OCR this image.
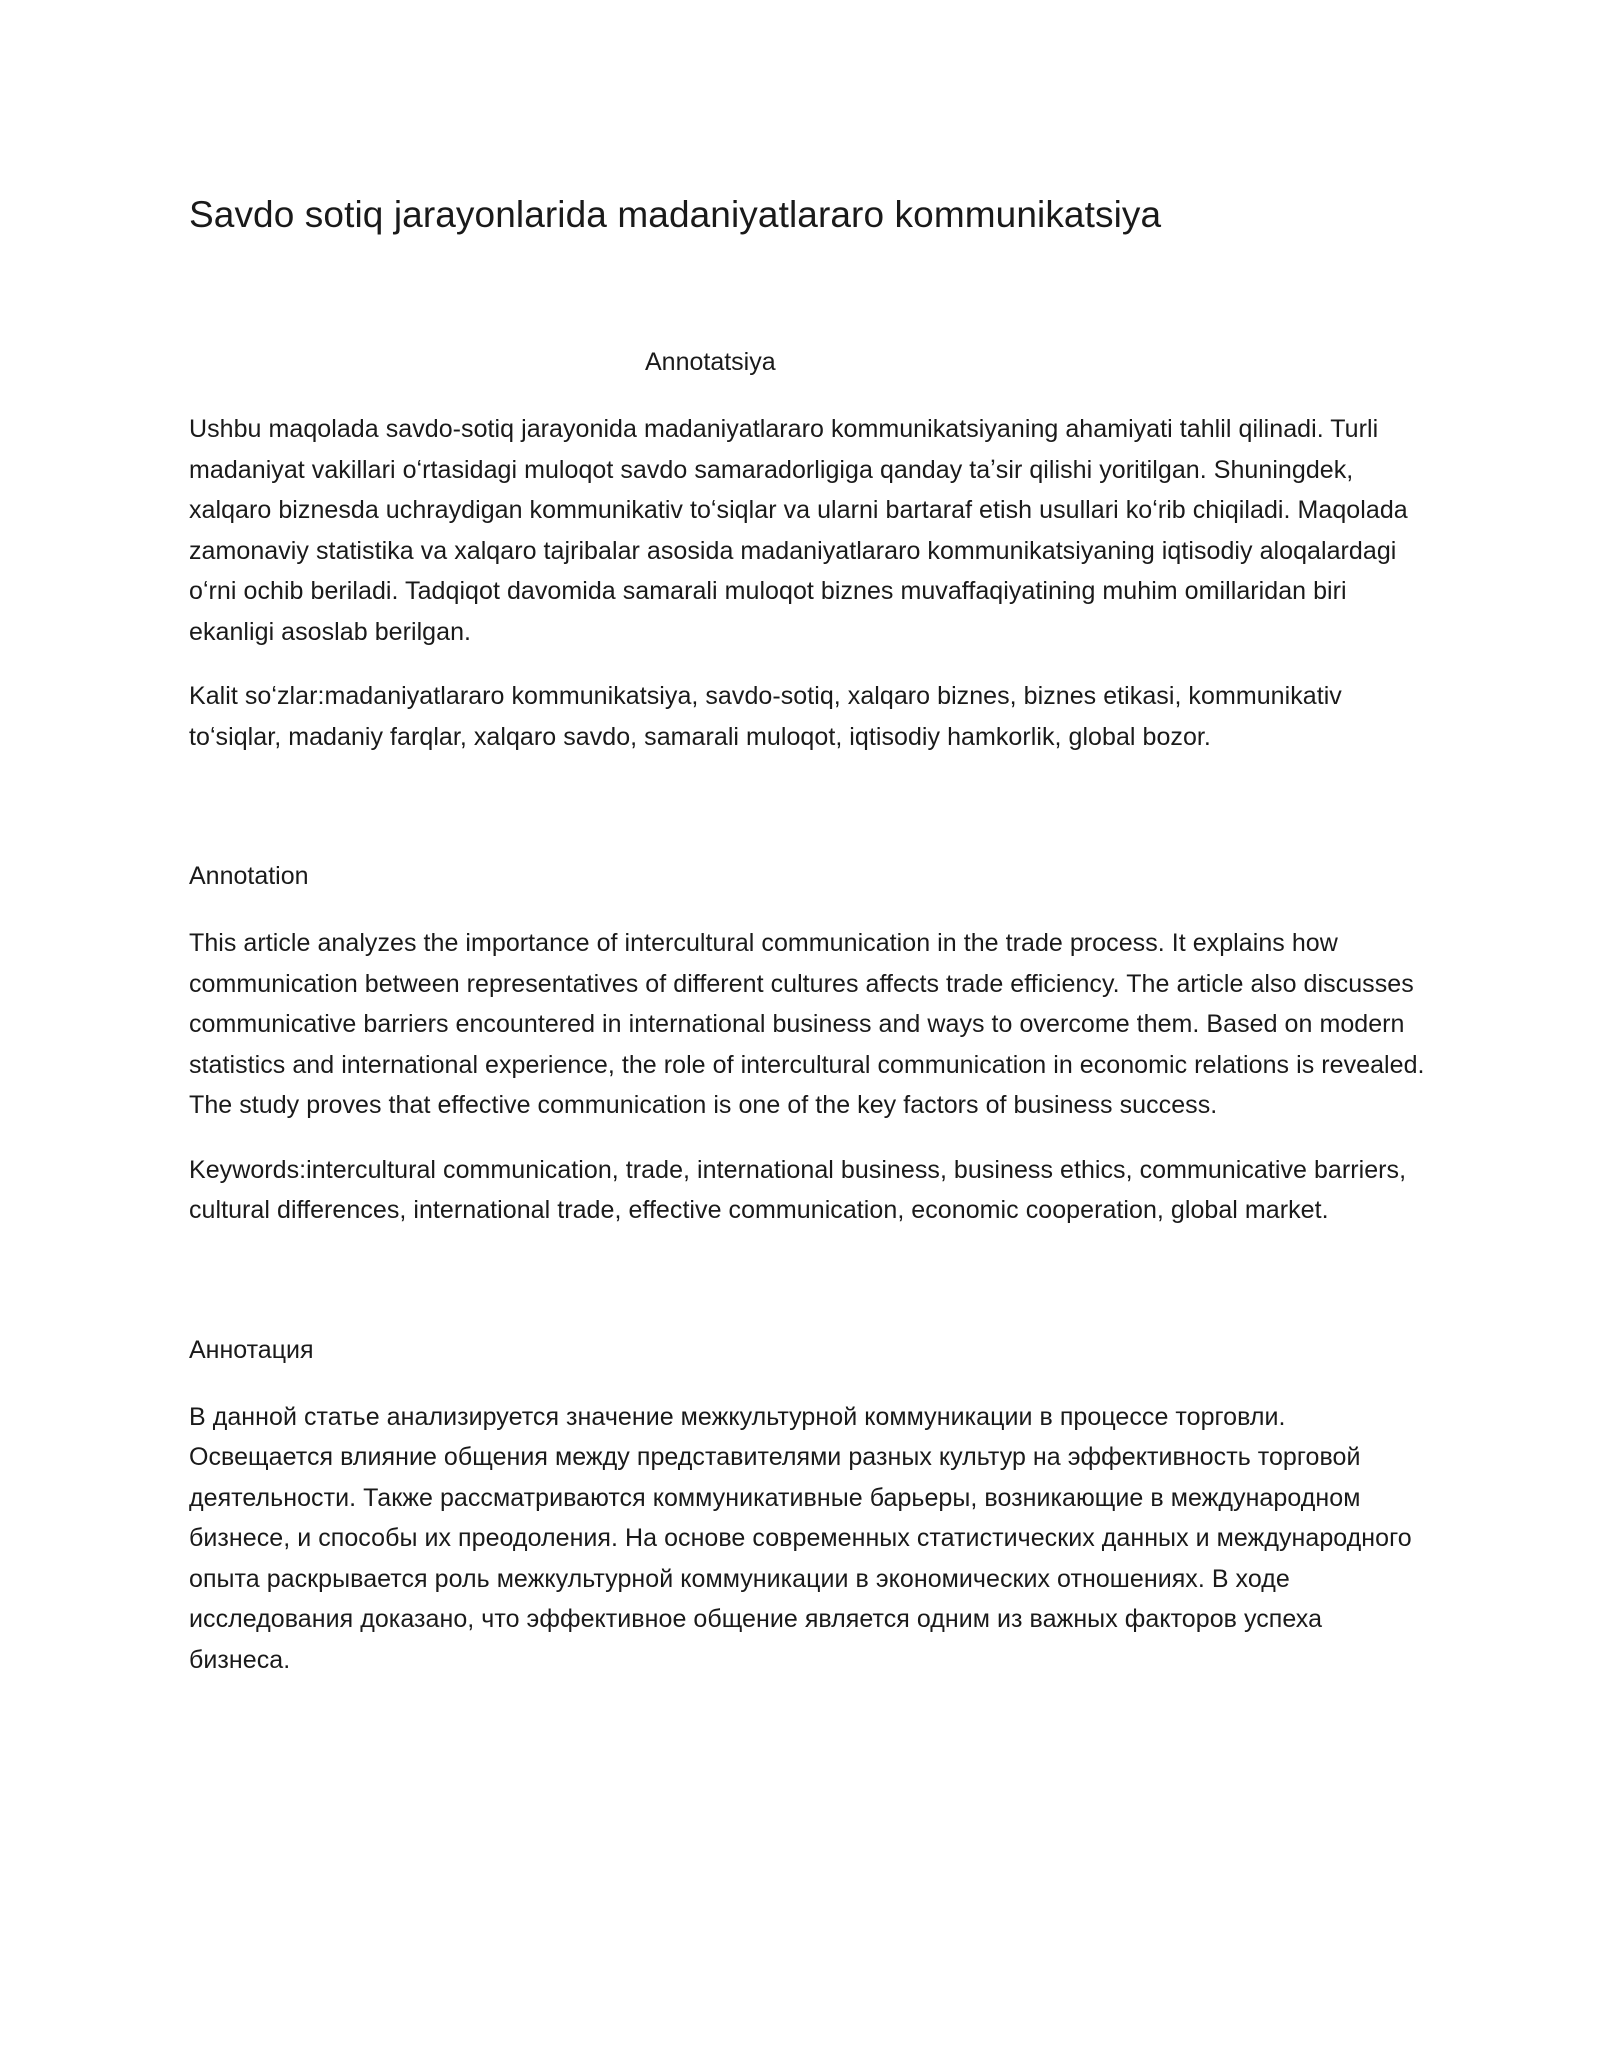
Savdo sotiq jarayonlarida madaniyatlararo kommunikatsiya

Annotatsiya

Ushbu maqolada savdo-sotiq jarayonida madaniyatlararo kommunikatsiyaning ahamiyati tahlil qilinadi. Turli madaniyat vakillari oʻrtasidagi muloqot savdo samaradorligiga qanday taʼsir qilishi yoritilgan. Shuningdek, xalqaro biznesda uchraydigan kommunikativ toʻsiqlar va ularni bartaraf etish usullari koʻrib chiqiladi. Maqolada zamonaviy statistika va xalqaro tajribalar asosida madaniyatlararo kommunikatsiyaning iqtisodiy aloqalardagi oʻrni ochib beriladi. Tadqiqot davomida samarali muloqot biznes muvaffaqiyatining muhim omillaridan biri ekanligi asoslab berilgan.

Kalit soʻzlar:madaniyatlararo kommunikatsiya, savdo-sotiq, xalqaro biznes, biznes etikasi, kommunikativ toʻsiqlar, madaniy farqlar, xalqaro savdo, samarali muloqot, iqtisodiy hamkorlik, global bozor.

Annotation

This article analyzes the importance of intercultural communication in the trade process. It explains how communication between representatives of different cultures affects trade efficiency. The article also discusses communicative barriers encountered in international business and ways to overcome them. Based on modern statistics and international experience, the role of intercultural communication in economic relations is revealed. The study proves that effective communication is one of the key factors of business success.

Keywords:intercultural communication, trade, international business, business ethics, communicative barriers, cultural differences, international trade, effective communication, economic cooperation, global market.

Аннотация

В данной статье анализируется значение межкультурной коммуникации в процессе торговли. Освещается влияние общения между представителями разных культур на эффективность торговой деятельности. Также рассматриваются коммуникативные барьеры, возникающие в международном бизнесе, и способы их преодоления. На основе современных статистических данных и международного опыта раскрывается роль межкультурной коммуникации в экономических отношениях. В ходе исследования доказано, что эффективное общение является одним из важных факторов успеха бизнеса.
